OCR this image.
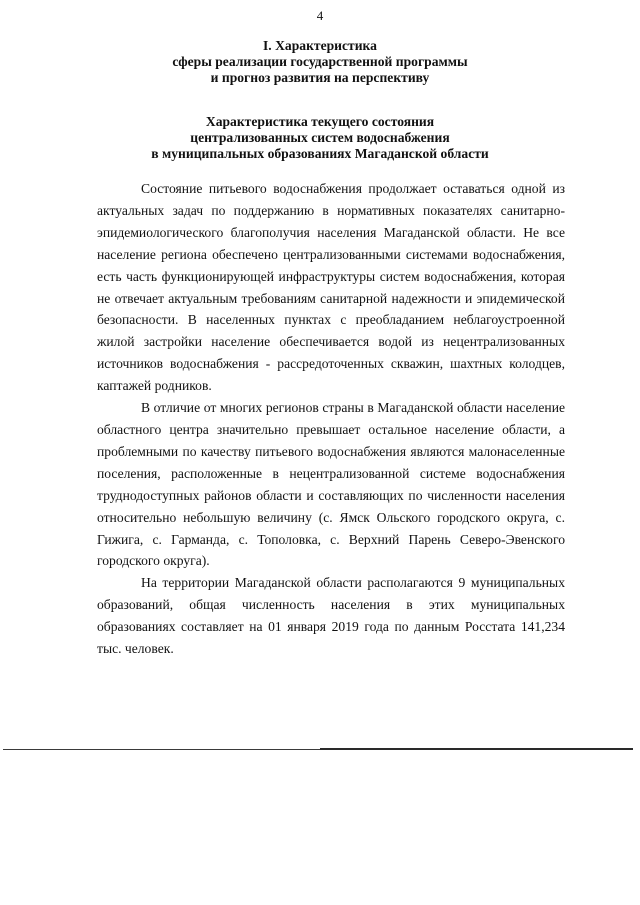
4
I. Характеристика
сферы реализации государственной программы
и прогноз развития на перспективу
Характеристика текущего состояния
централизованных систем водоснабжения
в муниципальных образованиях Магаданской области

Состояние питьевого водоснабжения продолжает оставаться одной из актуальных задач по поддержанию в нормативных показателях санитарно-эпидемиологического благополучия населения Магаданской области. Не все население региона обеспечено централизованными системами водоснабжения, есть часть функционирующей инфраструктуры систем водоснабжения, которая не отвечает актуальным требованиям санитарной надежности и эпидемической безопасности. В населенных пунктах с преобладанием неблагоустроенной жилой застройки население обеспечивается водой из нецентрализованных источников водоснабжения - рассредоточенных скважин, шахтных колодцев, каптажей родников.

В отличие от многих регионов страны в Магаданской области население областного центра значительно превышает остальное население области, а проблемными по качеству питьевого водоснабжения являются малонаселенные поселения, расположенные в нецентрализованной системе водоснабжения труднодоступных районов области и составляющих по численности населения относительно небольшую величину (с. Ямск Ольского городского округа, с. Гижига, с. Гарманда, с. Тополовка, с. Верхний Парень Северо-Эвенского городского округа).

На территории Магаданской области располагаются 9 муниципальных образований, общая численность населения в этих муниципальных образованиях составляет на 01 января 2019 года по данным Росстата 141,234 тыс. человек.
